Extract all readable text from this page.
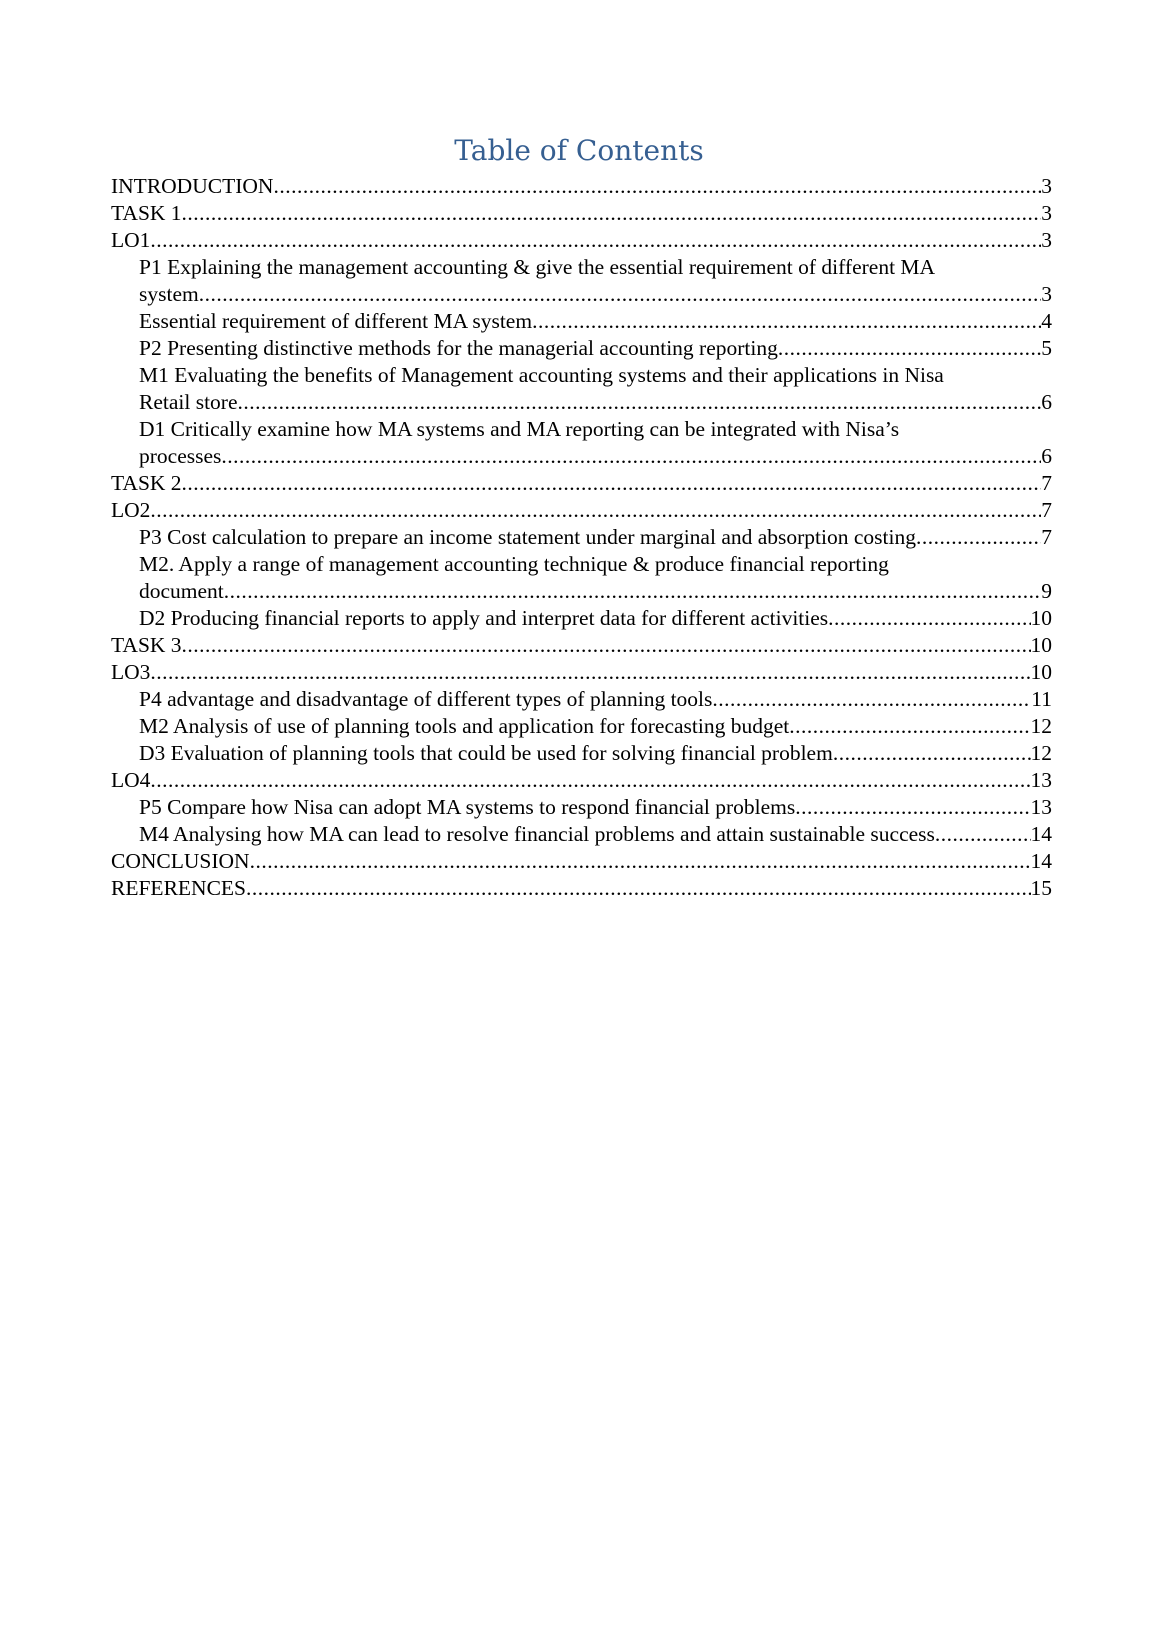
Table of Contents
INTRODUCTION .....	3
TASK 1 .....	3
LO1 .....	3
P1 Explaining the management accounting & give the essential requirement of different MA
system .....	3
Essential requirement of different MA system .....	4
P2 Presenting distinctive methods for the managerial accounting reporting .....	5
M1 Evaluating the benefits of Management accounting systems and their applications in Nisa
Retail store .....	6
D1 Critically examine how MA systems and MA reporting can be integrated with Nisa’s
processes .....	6
TASK 2 .....	7
LO2 .....	7
P3 Cost calculation to prepare an income statement under marginal and absorption costing .....	7
M2. Apply a range of management accounting technique & produce financial reporting
document .....	9
D2 Producing financial reports to apply and interpret data for different activities .....	10
TASK 3 .....	10
LO3 .....	10
P4 advantage and disadvantage of different types of planning tools .....	11
M2 Analysis of use of planning tools and application for forecasting budget .....	12
D3 Evaluation of planning tools that could be used for solving financial problem .....	12
LO4 .....	13
P5 Compare how Nisa can adopt MA systems to respond financial problems .....	13
M4 Analysing how MA can lead to resolve financial problems and attain sustainable success .....	14
CONCLUSION .....	14
REFERENCES .....	15
